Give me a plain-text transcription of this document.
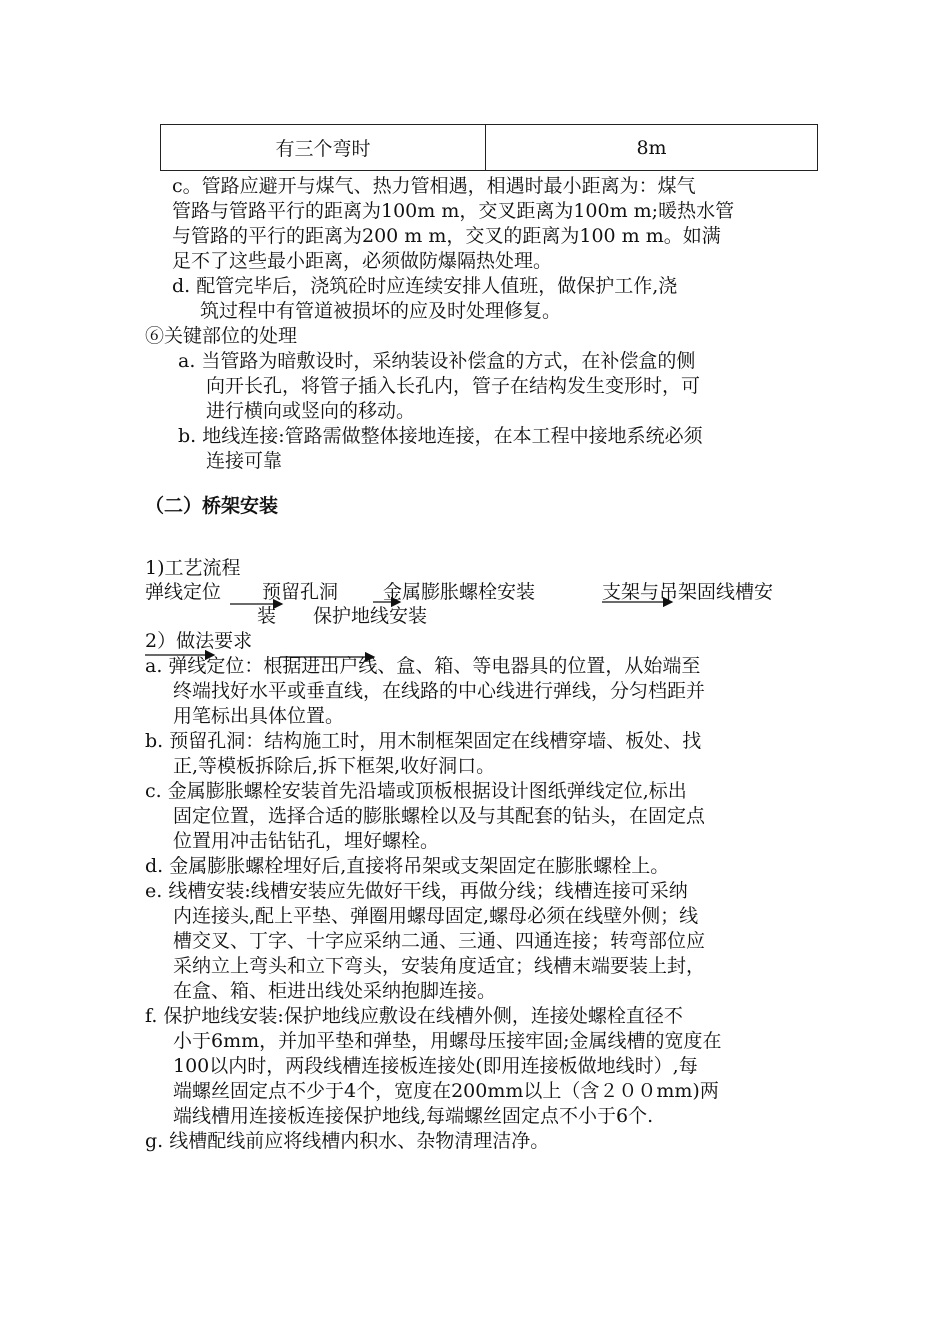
有三个弯时	8m
c。管路应避开与煤气、热力管相遇，相遇时最小距离为：煤气
管路与管路平行的距离为100m m，交叉距离为100m m;暖热水管
与管路的平行的距离为200 m m，交叉的距离为100 m m。如满
足不了这些最小距离，必须做防爆隔热处理。
d. 配管完毕后，浇筑砼时应连续安排人值班，做保护工作,浇
筑过程中有管道被损坏的应及时处理修复。
⑥关键部位的处理
a. 当管路为暗敷设时，采纳装设补偿盒的方式，在补偿盒的侧
向开长孔，将管子插入长孔内，管子在结构发生变形时，可
进行横向或竖向的移动。
b. 地线连接:管路需做整体接地连接，在本工程中接地系统必须
连接可靠
（二）桥架安装
1)工艺流程
弹线定位 预留孔洞 金属膨胀螺栓安装	支架与吊架固线槽安
装 保护地线安装
2）做法要求
a. 弹线定位：根据进出户线、盒、箱、等电器具的位置，从始端至
终端找好水平或垂直线，在线路的中心线进行弹线，分匀档距并
用笔标出具体位置。
b. 预留孔洞：结构施工时，用木制框架固定在线槽穿墙、板处、找
正,等模板拆除后,拆下框架,收好洞口。
c. 金属膨胀螺栓安装首先沿墙或顶板根据设计图纸弹线定位,标出
固定位置，选择合适的膨胀螺栓以及与其配套的钻头，在固定点
位置用冲击钻钻孔，埋好螺栓。
d. 金属膨胀螺栓埋好后,直接将吊架或支架固定在膨胀螺栓上。
e. 线槽安装:线槽安装应先做好干线，再做分线；线槽连接可采纳
内连接头,配上平垫、弹圈用螺母固定,螺母必须在线壁外侧；线
槽交叉、丁字、十字应采纳二通、三通、四通连接；转弯部位应
采纳立上弯头和立下弯头，安装角度适宜；线槽末端要装上封，
在盒、箱、柜进出线处采纳抱脚连接。
f. 保护地线安装:保护地线应敷设在线槽外侧，连接处螺栓直径不
小于6mm，并加平垫和弹垫，用螺母压接牢固;金属线槽的宽度在
100以内时，两段线槽连接板连接处(即用连接板做地线时）,每
端螺丝固定点不少于4个，宽度在200mm以上（含２００mm)两
端线槽用连接板连接保护地线,每端螺丝固定点不小于6个.
g. 线槽配线前应将线槽内积水、杂物清理洁净。
